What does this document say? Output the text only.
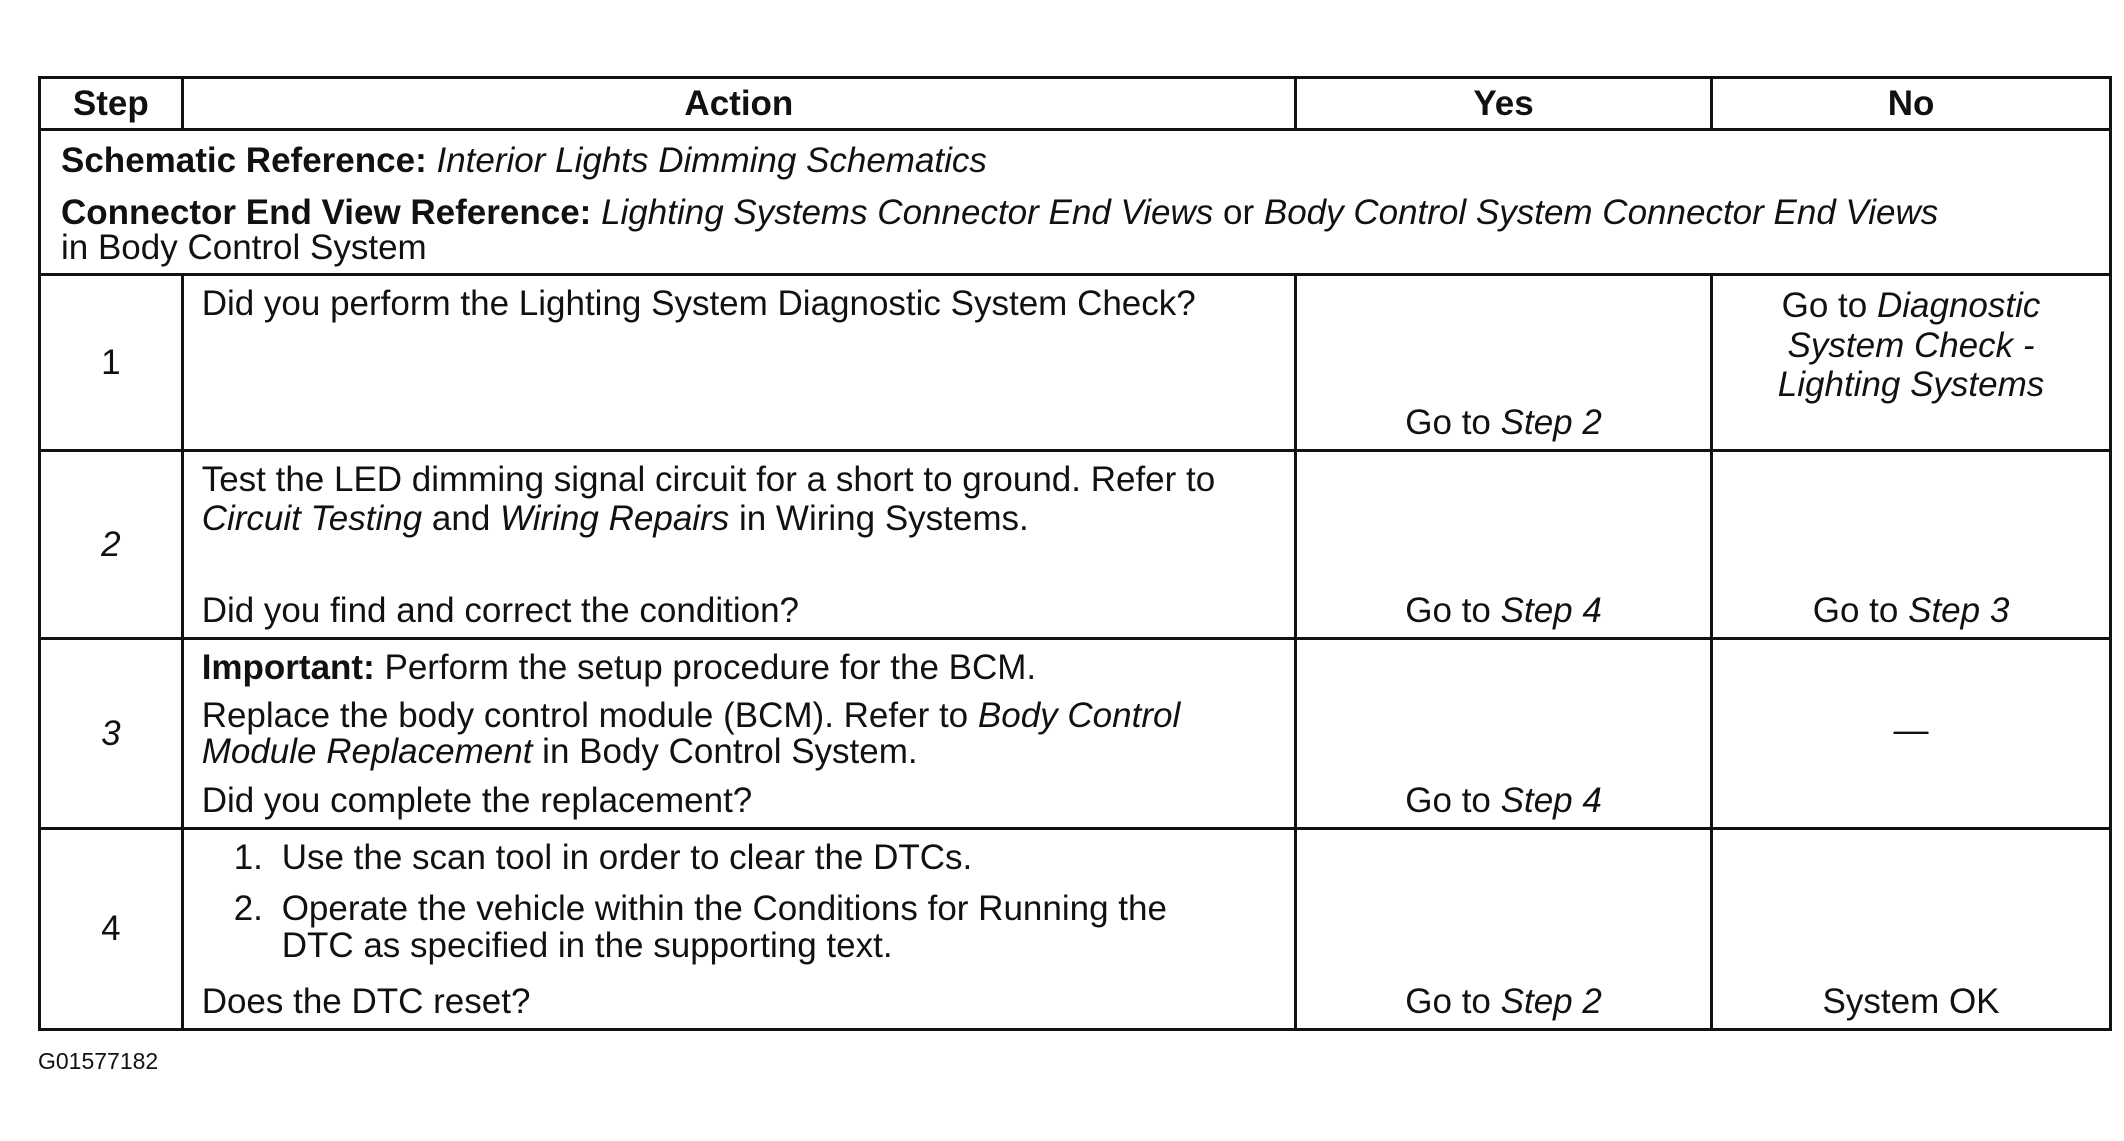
Step	Action	Yes	No

Schematic Reference: Interior Lights Dimming Schematics

Connector End View Reference: Lighting Systems Connector End Views or Body Control System Connector End Views in Body Control System			

1	Did you perform the Lighting System Diagnostic System Check?	Go to Step 2	Go to Diagnostic System Check - Lighting Systems
2	Test the LED dimming signal circuit for a short to ground. Refer to Circuit Testing and Wiring Repairs in Wiring Systems.

Did you find and correct the condition?	Go to Step 4	Go to Step 3
3	Important: Perform the setup procedure for the BCM.

Replace the body control module (BCM). Refer to Body Control Module Replacement in Body Control System.

Did you complete the replacement?	Go to Step 4	—
4	1. Use the scan tool in order to clear the DTCs.
2. Operate the vehicle within the Conditions for Running the DTC as specified in the supporting text.

Does the DTC reset?	Go to Step 2	System OK
G01577182
